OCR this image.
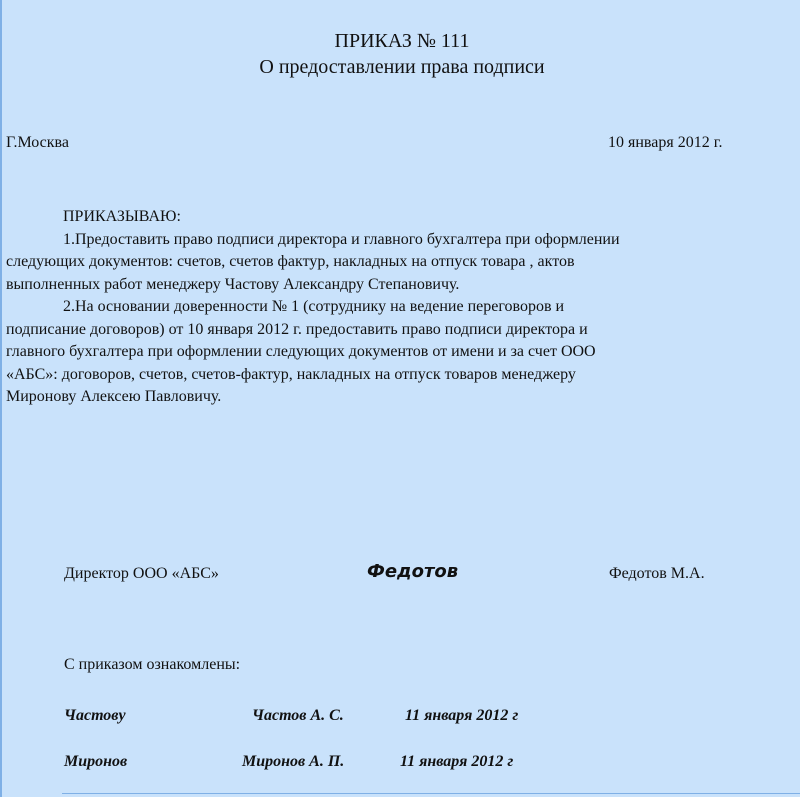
ПРИКАЗ № 111
О предоставлении права подписи
Г.Москва	10 января 2012 г.

ПРИКАЗЫВАЮ:

1.Предоставить право подписи директора и главного бухгалтера при оформлении
следующих документов: счетов, счетов фактур, накладных на отпуск товара , актов
выполненных работ менеджеру Частову Александру Степановичу.

2.На основании доверенности № 1 (сотруднику на ведение переговоров и
подписание договоров) от 10 января 2012 г. предоставить право подписи директора и
главного бухгалтера при оформлении следующих документов от имени и за счет ООО
«АБС»: договоров, счетов, счетов-фактур, накладных на отпуск товаров менеджеру
Миронову Алексею Павловичу.

Директор ООО «АБС»	Федотов	Федотов М.А.
С приказом ознакомлены:
Частову	Частов А. С.	11 января 2012 г
Миронов	Миронов А. П.	11 января 2012 г
